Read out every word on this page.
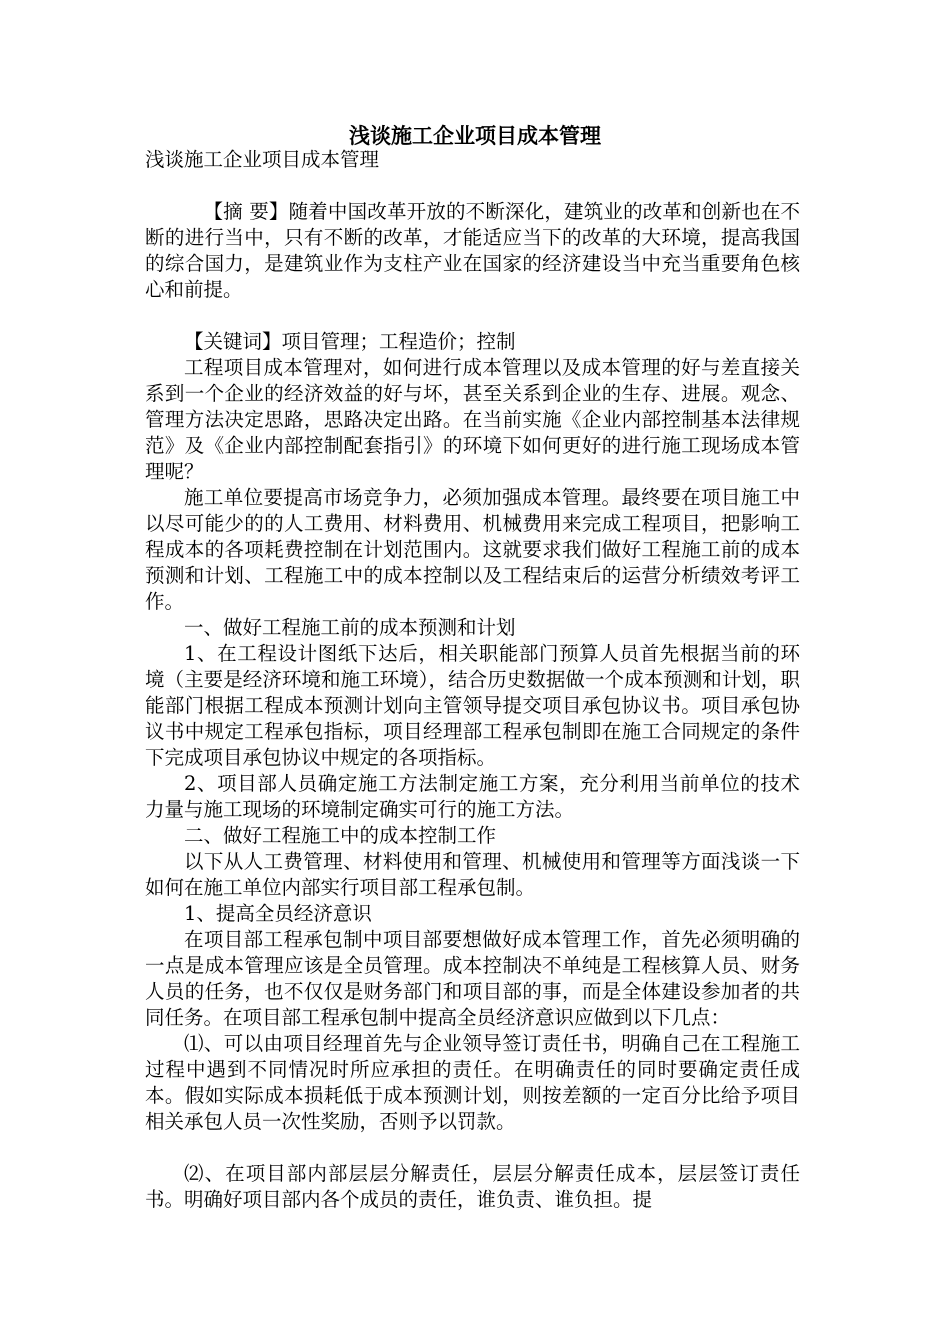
浅谈施工企业项目成本管理

浅谈施工企业项目成本管理

【摘 要】随着中国改革开放的不断深化，建筑业的改革和创新也在不断的进行当中，只有不断的改革，才能适应当下的改革的大环境，提高我国的综合国力，是建筑业作为支柱产业在国家的经济建设当中充当重要角色核心和前提。

【关键词】项目管理；工程造价；控制

工程项目成本管理对，如何进行成本管理以及成本管理的好与差直接关系到一个企业的经济效益的好与坏，甚至关系到企业的生存、进展。观念、管理方法决定思路，思路决定出路。在当前实施《企业内部控制基本法律规范》及《企业内部控制配套指引》的环境下如何更好的进行施工现场成本管理呢？

施工单位要提高市场竞争力，必须加强成本管理。最终要在项目施工中以尽可能少的的人工费用、材料费用、机械费用来完成工程项目，把影响工程成本的各项耗费控制在计划范围内。这就要求我们做好工程施工前的成本预测和计划、工程施工中的成本控制以及工程结束后的运营分析绩效考评工作。

一、做好工程施工前的成本预测和计划

1、在工程设计图纸下达后，相关职能部门预算人员首先根据当前的环境（主要是经济环境和施工环境），结合历史数据做一个成本预测和计划，职能部门根据工程成本预测计划向主管领导提交项目承包协议书。项目承包协议书中规定工程承包指标，项目经理部工程承包制即在施工合同规定的条件下完成项目承包协议中规定的各项指标。

2、项目部人员确定施工方法制定施工方案，充分利用当前单位的技术力量与施工现场的环境制定确实可行的施工方法。

二、做好工程施工中的成本控制工作

以下从人工费管理、材料使用和管理、机械使用和管理等方面浅谈一下如何在施工单位内部实行项目部工程承包制。

1、提高全员经济意识

在项目部工程承包制中项目部要想做好成本管理工作，首先必须明确的一点是成本管理应该是全员管理。成本控制决不单纯是工程核算人员、财务人员的任务，也不仅仅是财务部门和项目部的事，而是全体建设参加者的共同任务。在项目部工程承包制中提高全员经济意识应做到以下几点：

⑴、可以由项目经理首先与企业领导签订责任书，明确自己在工程施工过程中遇到不同情况时所应承担的责任。在明确责任的同时要确定责任成本。假如实际成本损耗低于成本预测计划，则按差额的一定百分比给予项目相关承包人员一次性奖励，否则予以罚款。

⑵、在项目部内部层层分解责任，层层分解责任成本，层层签订责任书。明确好项目部内各个成员的责任，谁负责、谁负担。提
